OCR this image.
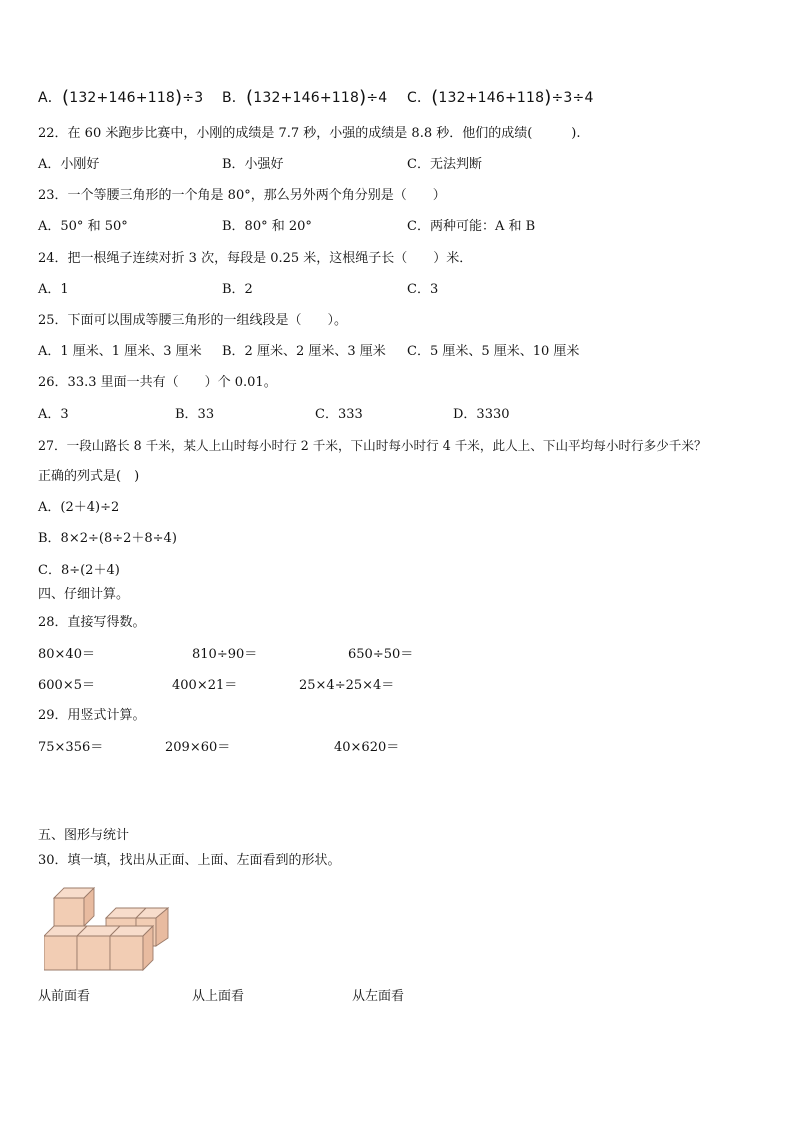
A．(132+146+118)÷3 B．(132+146+118)÷4 C．(132+146+118)÷3÷4
22．在 60 米跑步比赛中，小刚的成绩是 7.7 秒，小强的成绩是 8.8 秒．他们的成绩(　　　).
A．小刚好	B．小强好	C．无法判断
23．一个等腰三角形的一个角是 80°，那么另外两个角分别是（　　）
A．50° 和 50°	B．80° 和 20°	C．两种可能：A 和 B
24．把一根绳子连续对折 3 次，每段是 0.25 米，这根绳子长（　　）米．
A．1	B．2	C．3
25．下面可以围成等腰三角形的一组线段是（　　）。
A．1 厘米、1 厘米、3 厘米 B．2 厘米、2 厘米、3 厘米 C．5 厘米、5 厘米、10 厘米
26．33.3 里面一共有（　　）个 0.01。
A．3	B．33	C．333	D．3330
27．一段山路长 8 千米，某人上山时每小时行 2 千米，下山时每小时行 4 千米，此人上、下山平均每小时行多少千米？
正确的列式是(　)
A．(2＋4)÷2
B．8×2÷(8÷2＋8÷4)
C．8÷(2＋4)
四、仔细计算。
28．直接写得数。
80×40＝	810÷90＝	650÷50＝
600×5＝	400×21＝	25×4÷25×4＝
29．用竖式计算。
75×356＝	209×60＝	40×620＝
五、图形与统计
30．填一填，找出从正面、上面、左面看到的形状。
从前面看	从上面看	从左面看
